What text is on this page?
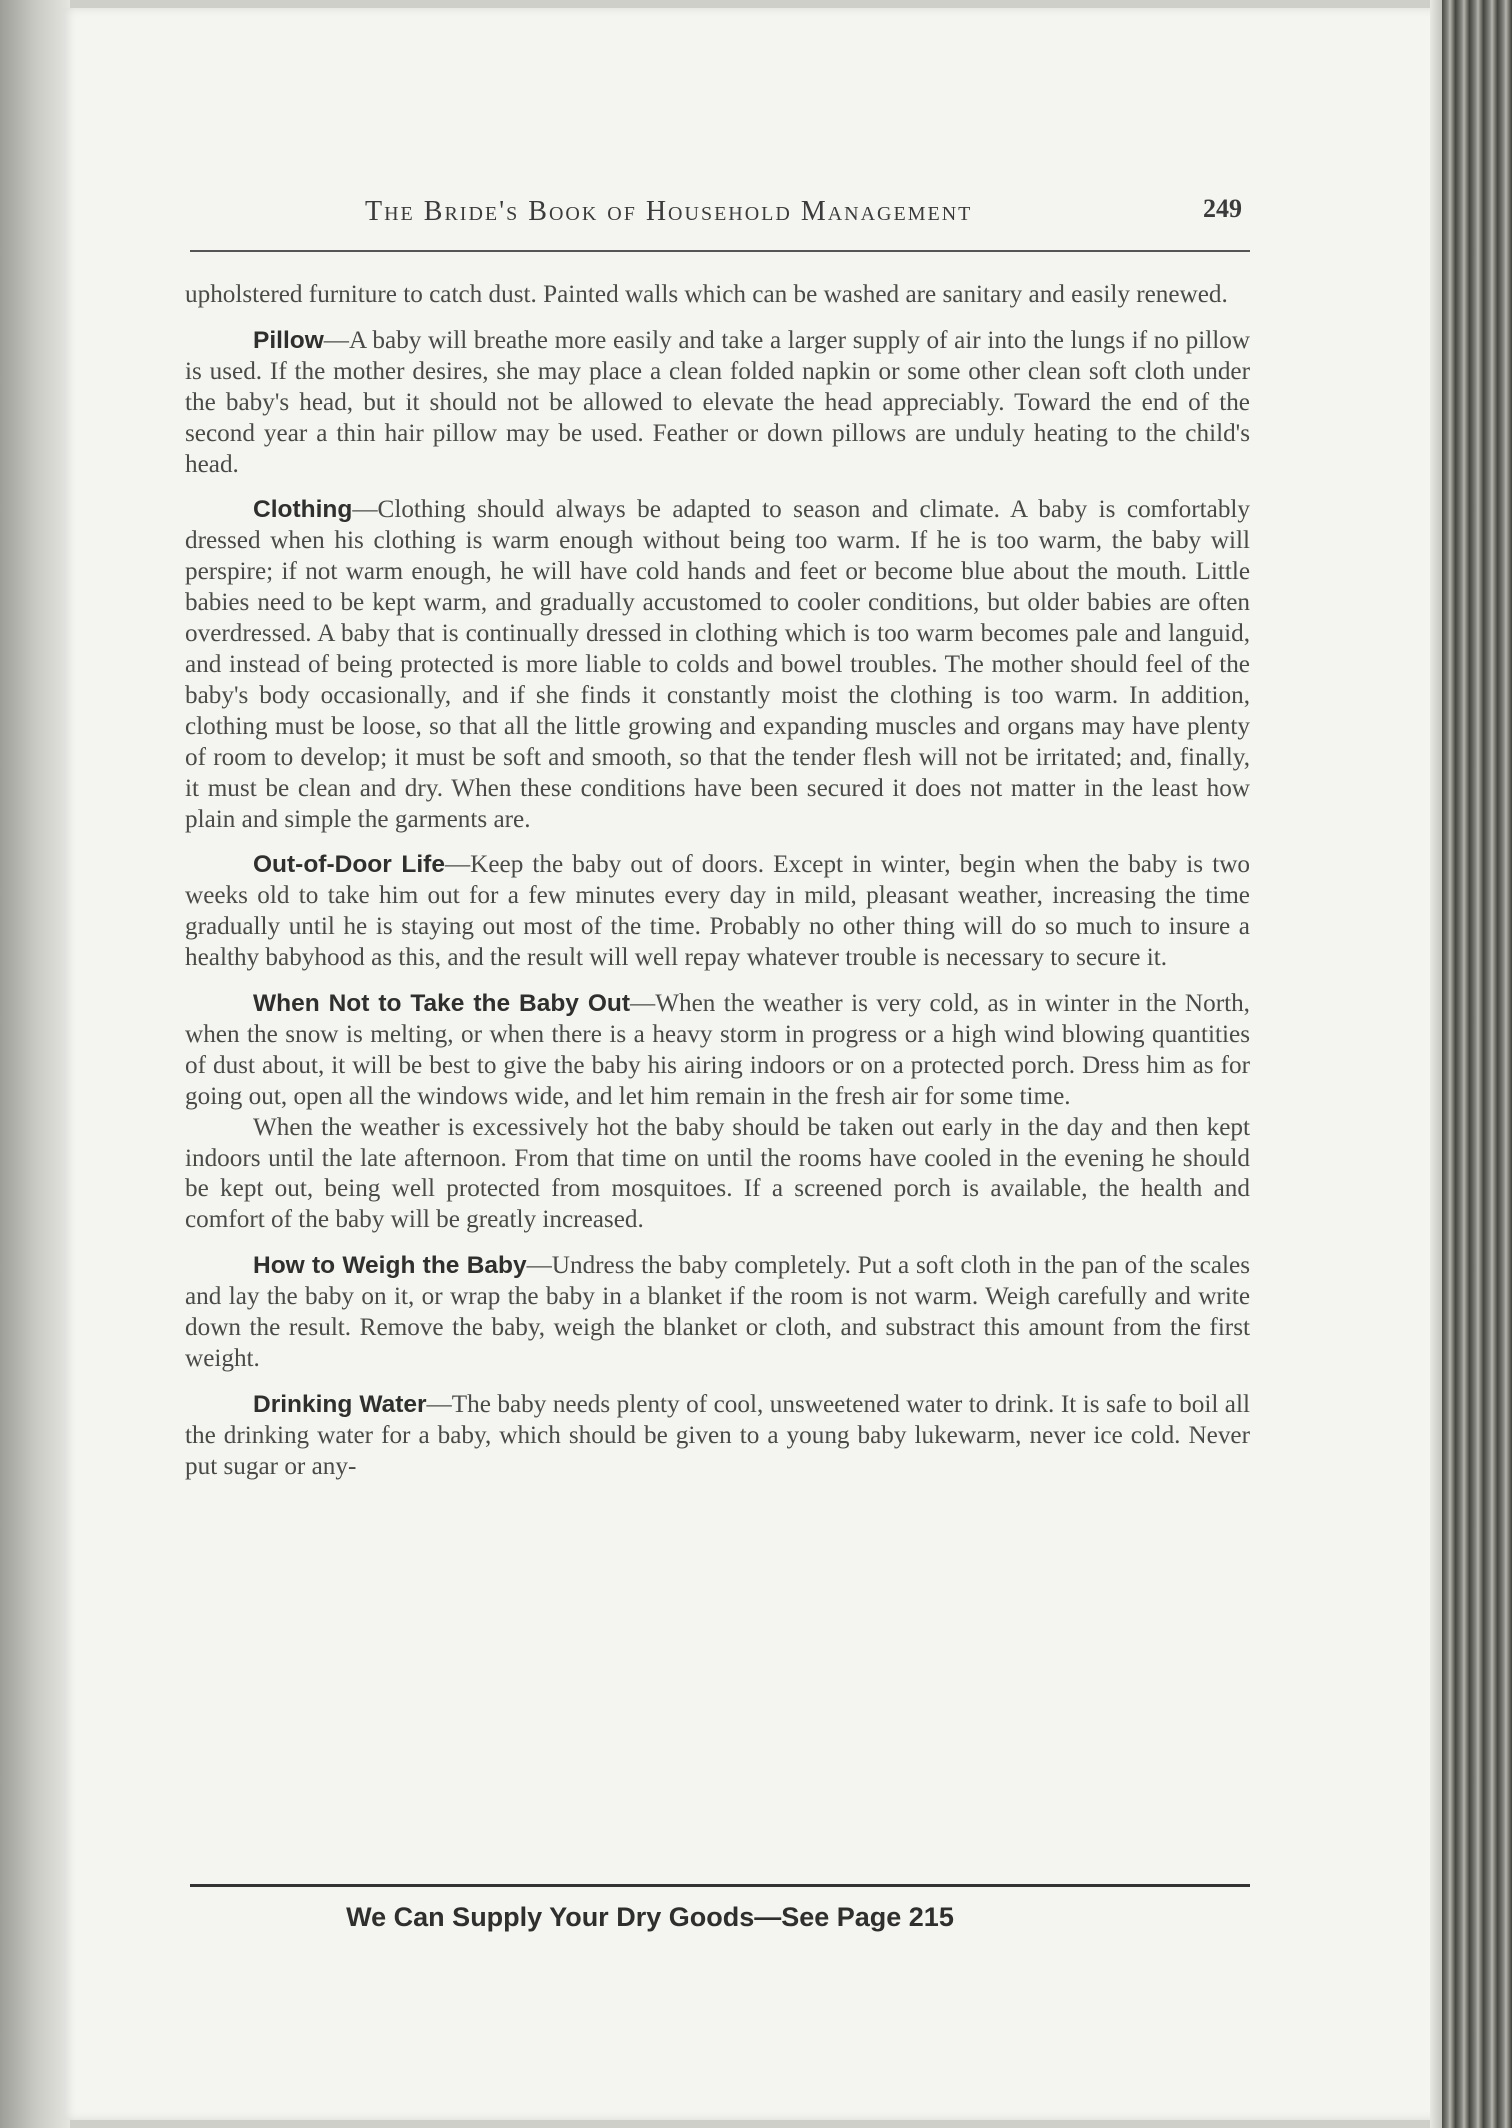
The Bride's Book of Household Management	249

upholstered furniture to catch dust. Painted walls which can be washed are sanitary and easily renewed.

Pillow—A baby will breathe more easily and take a larger supply of air into the lungs if no pillow is used. If the mother desires, she may place a clean folded napkin or some other clean soft cloth under the baby's head, but it should not be allowed to elevate the head appreciably. Toward the end of the second year a thin hair pillow may be used. Feather or down pillows are unduly heating to the child's head.

Clothing—Clothing should always be adapted to season and climate. A baby is comfortably dressed when his clothing is warm enough without being too warm. If he is too warm, the baby will perspire; if not warm enough, he will have cold hands and feet or become blue about the mouth. Little babies need to be kept warm, and gradually accustomed to cooler conditions, but older babies are often overdressed. A baby that is continually dressed in clothing which is too warm becomes pale and languid, and instead of being protected is more liable to colds and bowel troubles. The mother should feel of the baby's body occasionally, and if she finds it constantly moist the clothing is too warm. In addition, clothing must be loose, so that all the little growing and expanding muscles and organs may have plenty of room to develop; it must be soft and smooth, so that the tender flesh will not be irritated; and, finally, it must be clean and dry. When these conditions have been secured it does not matter in the least how plain and simple the garments are.

Out-of-Door Life—Keep the baby out of doors. Except in winter, begin when the baby is two weeks old to take him out for a few minutes every day in mild, pleasant weather, increasing the time gradually until he is staying out most of the time. Probably no other thing will do so much to insure a healthy babyhood as this, and the result will well repay whatever trouble is necessary to secure it.

When Not to Take the Baby Out—When the weather is very cold, as in winter in the North, when the snow is melting, or when there is a heavy storm in progress or a high wind blowing quantities of dust about, it will be best to give the baby his airing indoors or on a protected porch. Dress him as for going out, open all the windows wide, and let him remain in the fresh air for some time.

When the weather is excessively hot the baby should be taken out early in the day and then kept indoors until the late afternoon. From that time on until the rooms have cooled in the evening he should be kept out, being well protected from mosquitoes. If a screened porch is available, the health and comfort of the baby will be greatly increased.

How to Weigh the Baby—Undress the baby completely. Put a soft cloth in the pan of the scales and lay the baby on it, or wrap the baby in a blanket if the room is not warm. Weigh carefully and write down the result. Remove the baby, weigh the blanket or cloth, and substract this amount from the first weight.

Drinking Water—The baby needs plenty of cool, unsweetened water to drink. It is safe to boil all the drinking water for a baby, which should be given to a young baby lukewarm, never ice cold. Never put sugar or any-

We Can Supply Your Dry Goods—See Page 215
